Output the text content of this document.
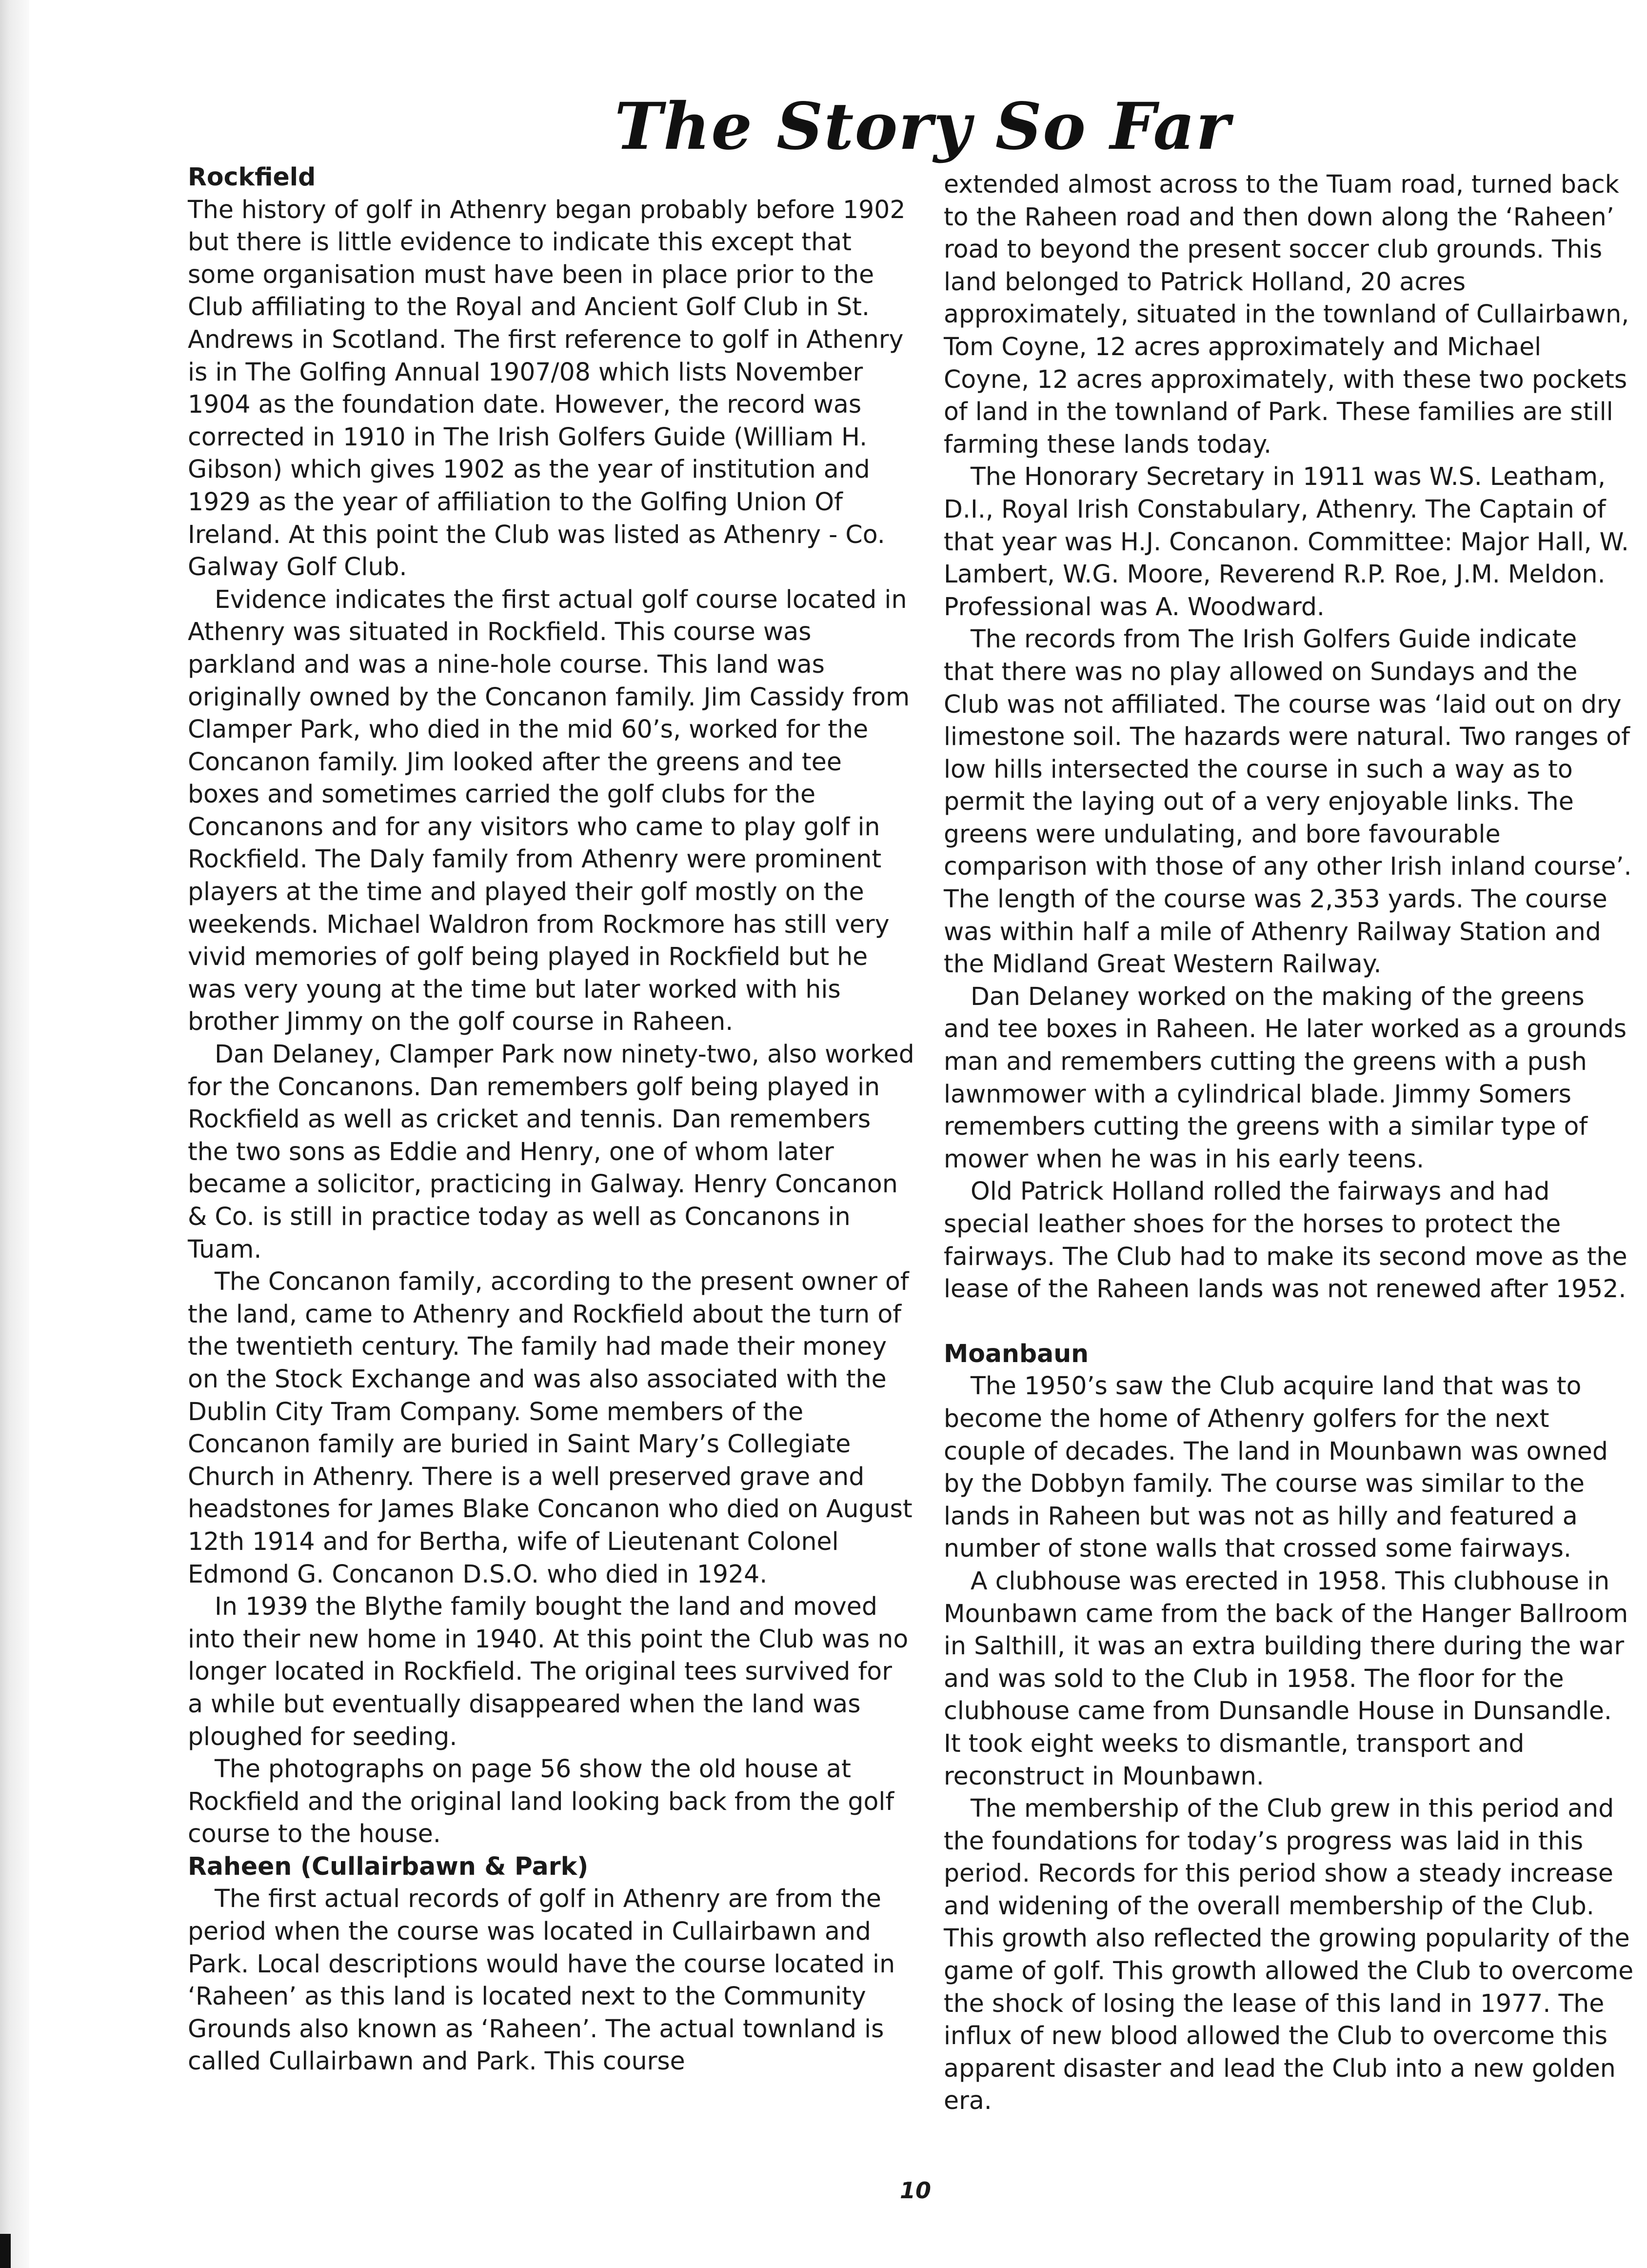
The Story So Far

Rockfield

The history of golf in Athenry began probably before 1902 but there is little evidence to indicate this except that some organisation must have been in place prior to the Club affiliating to the Royal and Ancient Golf Club in St. Andrews in Scotland. The first reference to golf in Athenry is in The Golfing Annual 1907/08 which lists November 1904 as the foundation date. However, the record was corrected in 1910 in The Irish Golfers Guide (William H. Gibson) which gives 1902 as the year of institution and 1929 as the year of affiliation to the Golfing Union Of Ireland. At this point the Club was listed as Athenry - Co. Galway Golf Club.

Evidence indicates the first actual golf course located in Athenry was situated in Rockfield. This course was parkland and was a nine-hole course. This land was originally owned by the Concanon family. Jim Cassidy from Clamper Park, who died in the mid 60’s, worked for the Concanon family. Jim looked after the greens and tee boxes and sometimes carried the golf clubs for the Concanons and for any visitors who came to play golf in Rockfield. The Daly family from Athenry were prominent players at the time and played their golf mostly on the weekends. Michael Waldron from Rockmore has still very vivid memories of golf being played in Rockfield but he was very young at the time but later worked with his brother Jimmy on the golf course in Raheen.

Dan Delaney, Clamper Park now ninety-two, also worked for the Concanons. Dan remembers golf being played in Rockfield as well as cricket and tennis. Dan remembers the two sons as Eddie and Henry, one of whom later became a solicitor, practicing in Galway. Henry Concanon & Co. is still in practice today as well as Concanons in Tuam.

The Concanon family, according to the present owner of the land, came to Athenry and Rockfield about the turn of the twentieth century. The family had made their money on the Stock Exchange and was also associated with the Dublin City Tram Company. Some members of the Concanon family are buried in Saint Mary’s Collegiate Church in Athenry. There is a well preserved grave and headstones for James Blake Concanon who died on August 12th 1914 and for Bertha, wife of Lieutenant Colonel Edmond G. Concanon D.S.O. who died in 1924.

In 1939 the Blythe family bought the land and moved into their new home in 1940. At this point the Club was no longer located in Rockfield. The original tees survived for a while but eventually disappeared when the land was ploughed for seeding.

The photographs on page 56 show the old house at Rockfield and the original land looking back from the golf course to the house.

Raheen (Cullairbawn & Park)

The first actual records of golf in Athenry are from the period when the course was located in Cullairbawn and Park. Local descriptions would have the course located in ‘Raheen’ as this land is located next to the Community Grounds also known as ‘Raheen’. The actual townland is called Cullairbawn and Park. This course

extended almost across to the Tuam road, turned back to the Raheen road and then down along the ‘Raheen’ road to beyond the present soccer club grounds. This land belonged to Patrick Holland, 20 acres approximately, situated in the townland of Cullairbawn, Tom Coyne, 12 acres approximately and Michael Coyne, 12 acres approximately, with these two pockets of land in the townland of Park. These families are still farming these lands today.

The Honorary Secretary in 1911 was W.S. Leatham, D.I., Royal Irish Constabulary, Athenry. The Captain of that year was H.J. Concanon. Committee: Major Hall, W. Lambert, W.G. Moore, Reverend R.P. Roe, J.M. Meldon. Professional was A. Woodward.

The records from The Irish Golfers Guide indicate that there was no play allowed on Sundays and the Club was not affiliated. The course was ‘laid out on dry limestone soil. The hazards were natural. Two ranges of low hills intersected the course in such a way as to permit the laying out of a very enjoyable links. The greens were undulating, and bore favourable comparison with those of any other Irish inland course’. The length of the course was 2,353 yards. The course was within half a mile of Athenry Railway Station and the Midland Great Western Railway.

Dan Delaney worked on the making of the greens and tee boxes in Raheen. He later worked as a grounds man and remembers cutting the greens with a push lawnmower with a cylindrical blade. Jimmy Somers remembers cutting the greens with a similar type of mower when he was in his early teens.

Old Patrick Holland rolled the fairways and had special leather shoes for the horses to protect the fairways. The Club had to make its second move as the lease of the Raheen lands was not renewed after 1952.

Moanbaun

The 1950’s saw the Club acquire land that was to become the home of Athenry golfers for the next couple of decades. The land in Mounbawn was owned by the Dobbyn family. The course was similar to the lands in Raheen but was not as hilly and featured a number of stone walls that crossed some fairways.

A clubhouse was erected in 1958. This clubhouse in Mounbawn came from the back of the Hanger Ballroom in Salthill, it was an extra building there during the war and was sold to the Club in 1958. The floor for the clubhouse came from Dunsandle House in Dunsandle. It took eight weeks to dismantle, transport and reconstruct in Mounbawn.

The membership of the Club grew in this period and the foundations for today’s progress was laid in this period. Records for this period show a steady increase and widening of the overall membership of the Club. This growth also reflected the growing popularity of the game of golf. This growth allowed the Club to overcome the shock of losing the lease of this land in 1977. The influx of new blood allowed the Club to overcome this apparent disaster and lead the Club into a new golden era.

10
